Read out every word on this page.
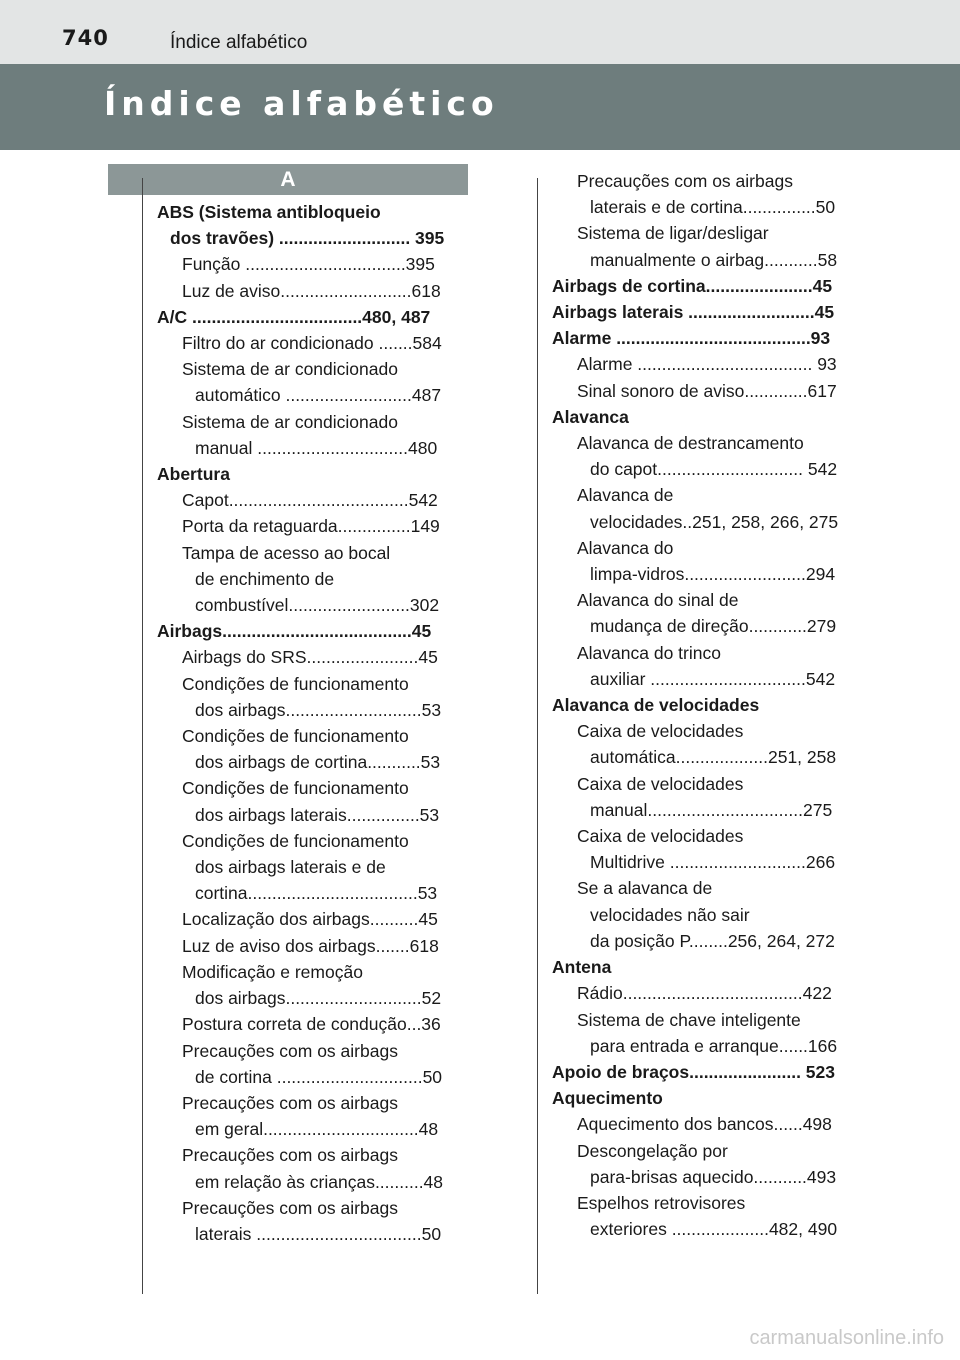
740	Índice alfabético
Índice alfabético
A
ABS (Sistema antibloqueio
dos travões) ........................... 395
Função .................................395
Luz de aviso...........................618
A/C ...................................480, 487
Filtro do ar condicionado .......584
Sistema de ar condicionado
automático ..........................487
Sistema de ar condicionado
manual ...............................480
Abertura
Capot.....................................542
Porta da retaguarda...............149
Tampa de acesso ao bocal
de enchimento de
combustível.........................302
Airbags.......................................45
Airbags do SRS.......................45
Condições de funcionamento
dos airbags............................53
Condições de funcionamento
dos airbags de cortina...........53
Condições de funcionamento
dos airbags laterais...............53
Condições de funcionamento
dos airbags laterais e de
cortina...................................53
Localização dos airbags..........45
Luz de aviso dos airbags.......618
Modificação e remoção
dos airbags............................52
Postura correta de condução...36
Precauções com os airbags
de cortina ..............................50
Precauções com os airbags
em geral................................48
Precauções com os airbags
em relação às crianças..........48
Precauções com os airbags
laterais ..................................50
Precauções com os airbags
laterais e de cortina...............50
Sistema de ligar/desligar
manualmente o airbag...........58
Airbags de cortina......................45
Airbags laterais ..........................45
Alarme ........................................93
Alarme .................................... 93
Sinal sonoro de aviso.............617
Alavanca
Alavanca de destrancamento
do capot.............................. 542
Alavanca de
velocidades..251, 258, 266, 275
Alavanca do
limpa-vidros.........................294
Alavanca do sinal de
mudança de direção............279
Alavanca do trinco
auxiliar ................................542
Alavanca de velocidades
Caixa de velocidades
automática...................251, 258
Caixa de velocidades
manual................................275
Caixa de velocidades
Multidrive ............................266
Se a alavanca de
velocidades não sair
da posição P........256, 264, 272
Antena
Rádio.....................................422
Sistema de chave inteligente
para entrada e arranque......166
Apoio de braços....................... 523
Aquecimento
Aquecimento dos bancos......498
Descongelação por
para-brisas aquecido...........493
Espelhos retrovisores
exteriores ....................482, 490
carmanualsonline.info
